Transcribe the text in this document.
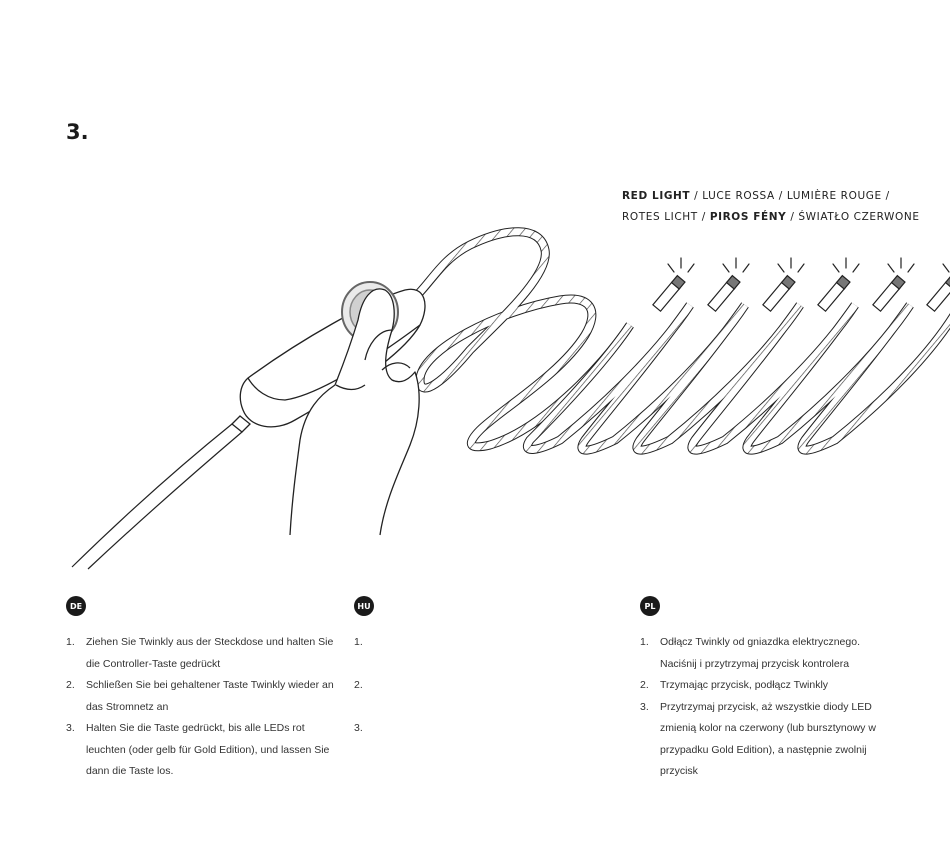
3.
RED LIGHT / LUCE ROSSA / LUMIÈRE ROUGE /
ROTES LICHT / PIROS FÉNY / ŚWIATŁO CZERWONE
DE
1.	Ziehen Sie Twinkly aus der Steckdose und halten Sie die Controller-Taste gedrückt
2.	Schließen Sie bei gehaltener Taste Twinkly wieder an das Stromnetz an
3.	Halten Sie die Taste gedrückt, bis alle LEDs rot leuchten (oder gelb für Gold Edition), und lassen Sie dann die Taste los.
HU
1.
2.
3.
PL
1.	Odłącz Twinkly od gniazdka elektrycznego. Naciśnij i przytrzymaj przycisk kontrolera
2.	Trzymając przycisk, podłącz Twinkly
3.	Przytrzymaj przycisk, aż wszystkie diody LED zmienią kolor na czerwony (lub bursztynowy w przypadku Gold Edition), a następnie zwolnij przycisk
